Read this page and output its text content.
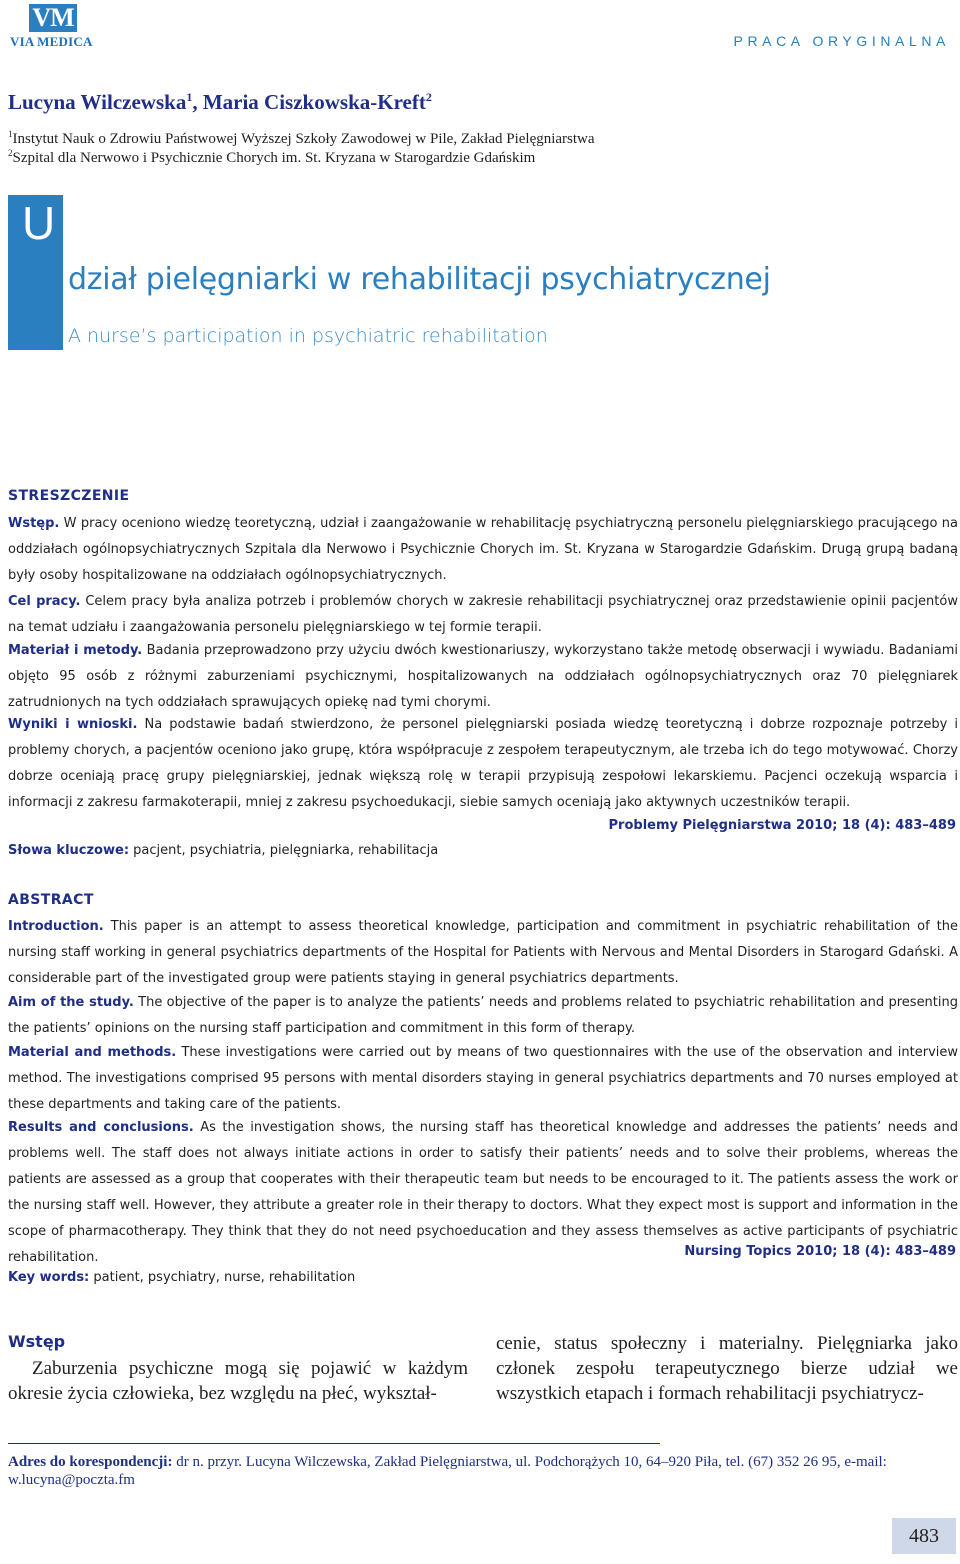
VM
VIA MEDICA	PRACA ORYGINALNA
Lucyna Wilczewska$^1$, Maria Ciszkowska-Kreft$^2$
$^1$Instytut Nauk o Zdrowiu Państwowej Wyższej Szkoły Zawodowej w Pile, Zakład Pielęgniarstwa
$^2$Szpital dla Nerwowo i Psychicznie Chorych im. St. Kryzana w Starogardzie Gdańskim
U
dział pielęgniarki w rehabilitacji psychiatrycznej
A nurse’s participation in psychiatric rehabilitation
STRESZCZENIE
Wstęp. W pracy oceniono wiedzę teoretyczną, udział i zaangażowanie w rehabilitację psychiatryczną personelu pielęgniarskiego pracującego na oddziałach ogólnopsychiatrycznych Szpitala dla Nerwowo i Psychicznie Chorych im. St. Kryzana w Starogardzie Gdańskim. Drugą grupą badaną były osoby hospitalizowane na oddziałach ogólnopsychiatrycznych.
Cel pracy. Celem pracy była analiza potrzeb i problemów chorych w zakresie rehabilitacji psychiatrycznej oraz przedstawienie opinii pacjentów na temat udziału i zaangażowania personelu pielęgniarskiego w tej formie terapii.
Materiał i metody. Badania przeprowadzono przy użyciu dwóch kwestionariuszy, wykorzystano także metodę obserwacji i wywiadu. Badaniami objęto 95 osób z różnymi zaburzeniami psychicznymi, hospitalizowanych na oddziałach ogólnopsychiatrycznych oraz 70 pielęgniarek zatrudnionych na tych oddziałach sprawujących opiekę nad tymi chorymi.
Wyniki i wnioski. Na podstawie badań stwierdzono, że personel pielęgniarski posiada wiedzę teoretyczną i dobrze rozpoznaje potrzeby i problemy chorych, a pacjentów oceniono jako grupę, która współpracuje z zespołem terapeutycznym, ale trzeba ich do tego motywować. Chorzy dobrze oceniają pracę grupy pielęgniarskiej, jednak większą rolę w terapii przypisują zespołowi lekarskiemu. Pacjenci oczekują wsparcia i informacji z zakresu farmakoterapii, mniej z zakresu psychoedukacji, siebie samych oceniają jako aktywnych uczestników terapii.
Problemy Pielęgniarstwa 2010; 18 (4): 483–489
Słowa kluczowe: pacjent, psychiatria, pielęgniarka, rehabilitacja
ABSTRACT
Introduction. This paper is an attempt to assess theoretical knowledge, participation and commitment in psychiatric rehabilitation of the nursing staff working in general psychiatrics departments of the Hospital for Patients with Nervous and Mental Disorders in Starogard Gdański. A considerable part of the investigated group were patients staying in general psychiatrics departments.
Aim of the study. The objective of the paper is to analyze the patients’ needs and problems related to psychiatric rehabilitation and presenting the patients’ opinions on the nursing staff participation and commitment in this form of therapy.
Material and methods. These investigations were carried out by means of two questionnaires with the use of the observation and interview method. The investigations comprised 95 persons with mental disorders staying in general psychiatrics departments and 70 nurses employed at these departments and taking care of the patients.
Results and conclusions. As the investigation shows, the nursing staff has theoretical knowledge and addresses the patients’ needs and problems well. The staff does not always initiate actions in order to satisfy their patients’ needs and to solve their problems, whereas the patients are assessed as a group that cooperates with their therapeutic team but needs to be encouraged to it. The patients assess the work or the nursing staff well. However, they attribute a greater role in their therapy to doctors. What they expect most is support and information in the scope of pharmacotherapy. They think that they do not need psychoeducation and they assess themselves as active participants of psychiatric rehabilitation.	Nursing Topics 2010; 18 (4): 483–489
Key words: patient, psychiatry, nurse, rehabilitation
Wstęp
Zaburzenia psychiczne mogą się pojawić w każdym okresie życia człowieka, bez względu na płeć, wykształ-
cenie, status społeczny i materialny. Pielęgniarka jako członek zespołu terapeutycznego bierze udział we wszystkich etapach i formach rehabilitacji psychiatrycz-
Adres do korespondencji: dr n. przyr. Lucyna Wilczewska, Zakład Pielęgniarstwa, ul. Podchorążych 10, 64–920 Piła, tel. (67) 352 26 95, e-mail: w.lucyna@poczta.fm
483
